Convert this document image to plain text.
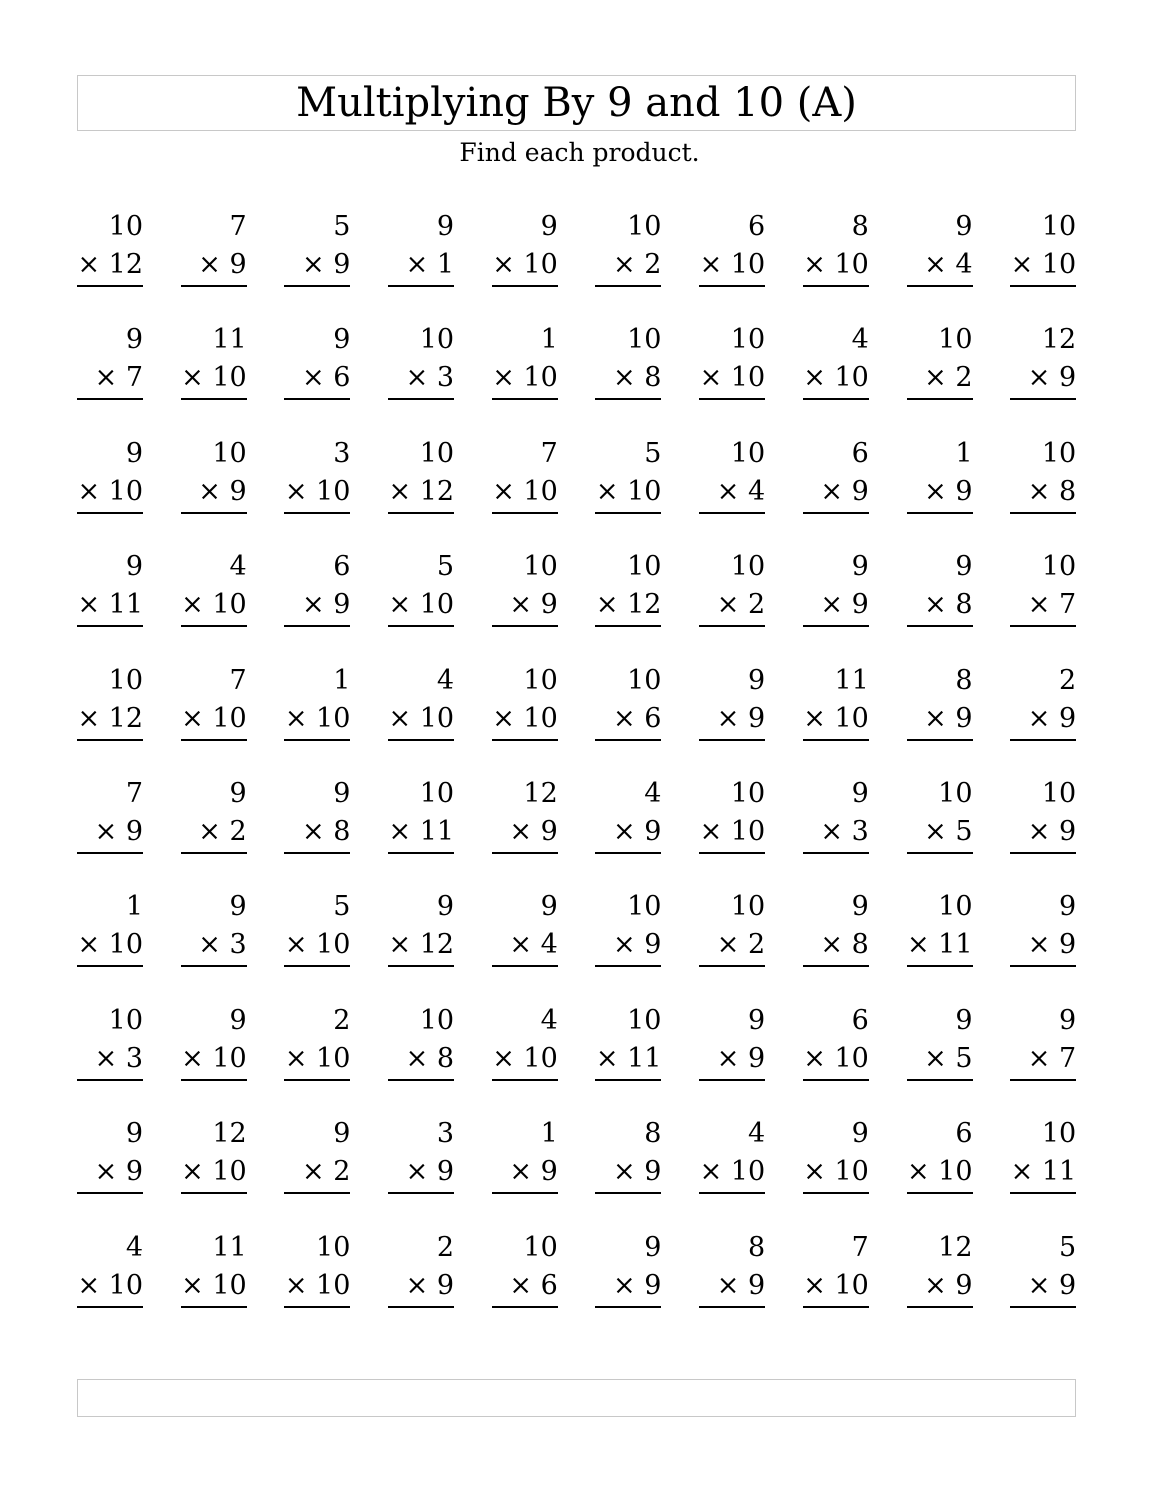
Multiplying By 9 and 10 (A)

Find each product.

10
× 12
7
× 9
5
× 9
9
× 1
9
× 10
10
× 2
6
× 10
8
× 10
9
× 4
10
× 10
9
× 7
11
× 10
9
× 6
10
× 3
1
× 10
10
× 8
10
× 10
4
× 10
10
× 2
12
× 9
9
× 10
10
× 9
3
× 10
10
× 12
7
× 10
5
× 10
10
× 4
6
× 9
1
× 9
10
× 8
9
× 11
4
× 10
6
× 9
5
× 10
10
× 9
10
× 12
10
× 2
9
× 9
9
× 8
10
× 7
10
× 12
7
× 10
1
× 10
4
× 10
10
× 10
10
× 6
9
× 9
11
× 10
8
× 9
2
× 9
7
× 9
9
× 2
9
× 8
10
× 11
12
× 9
4
× 9
10
× 10
9
× 3
10
× 5
10
× 9
1
× 10
9
× 3
5
× 10
9
× 12
9
× 4
10
× 9
10
× 2
9
× 8
10
× 11
9
× 9
10
× 3
9
× 10
2
× 10
10
× 8
4
× 10
10
× 11
9
× 9
6
× 10
9
× 5
9
× 7
9
× 9
12
× 10
9
× 2
3
× 9
1
× 9
8
× 9
4
× 10
9
× 10
6
× 10
10
× 11
4
× 10
11
× 10
10
× 10
2
× 9
10
× 6
9
× 9
8
× 9
7
× 10
12
× 9
5
× 9
